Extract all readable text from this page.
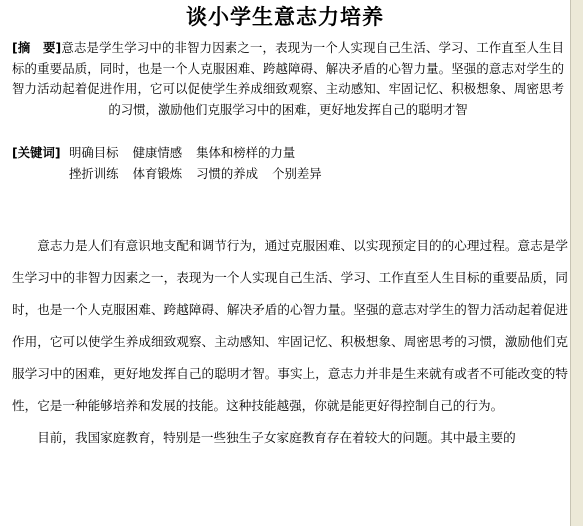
谈小学生意志力培养
[摘　要]意志是学生学习中的非智力因素之一，表现为一个人实现自己生活、学习、工作直至人生目标的重要品质，同时，也是一个人克服困难、跨越障碍、解决矛盾的心智力量。坚强的意志对学生的智力活动起着促进作用，它可以促使学生养成细致观察、主动感知、牢固记忆、积极想象、周密思考的习惯，激励他们克服学习中的困难，更好地发挥自己的聪明才智
[关键词] 明确目标 健康情感 集体和榜样的力量
挫折训练 体育锻炼 习惯的养成 个别差异

意志力是人们有意识地支配和调节行为，通过克服困难、以实现预定目的的心理过程。意志是学生学习中的非智力因素之一，表现为一个人实现自己生活、学习、工作直至人生目标的重要品质，同时，也是一个人克服困难、跨越障碍、解决矛盾的心智力量。坚强的意志对学生的智力活动起着促进作用，它可以使学生养成细致观察、主动感知、牢固记忆、积极想象、周密思考的习惯，激励他们克服学习中的困难，更好地发挥自己的聪明才智。事实上，意志力并非是生来就有或者不可能改变的特性，它是一种能够培养和发展的技能。这种技能越强，你就是能更好得控制自己的行为。

目前，我国家庭教育，特别是一些独生子女家庭教育存在着较大的问题。其中最主要的
